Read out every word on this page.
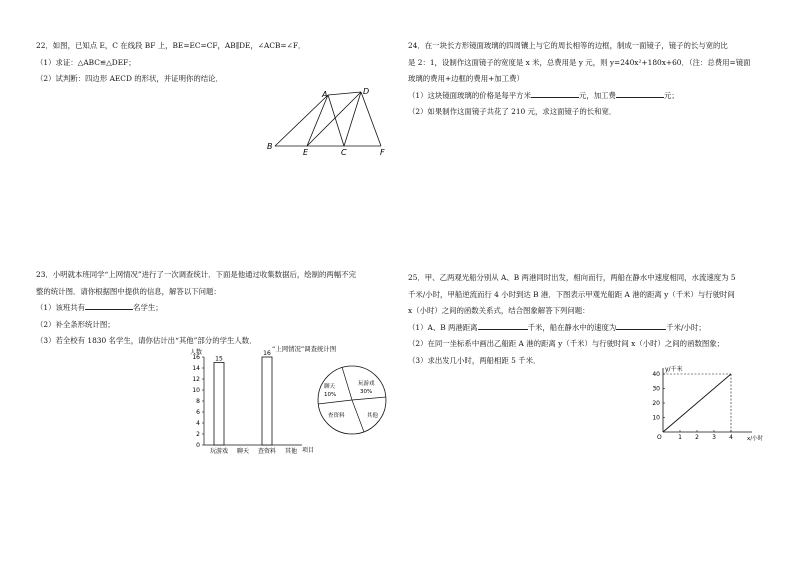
22．如图，已知点 E，C 在线段 BF 上，BE=EC=CF，AB∥DE，∠ACB=∠F．
（1）求证：△ABC≌△DEF；
（2）试判断：四边形 AECD 的形状，并证明你的结论．
A	D
B
E	C	F
23．小明就本班同学“上网情况”进行了一次调查统计．下面是他通过收集数据后，绘制的两幅不完
整的统计图．请你根据图中提供的信息，解答以下问题：
（1）该班共有	名学生；
（2）补全条形统计图；
（3）若全校有 1830 名学生，请你估计出“其他”部分的学生人数．
人数
0
2
4
6
8
10
12
14
16	15
16
玩游戏 聊天 查资料 其他 项目
“上网情况”调查统计图
聊天
10%
玩游戏
30%
查资料	其他
24．在一块长方形镜面玻璃的四周镶上与它的周长相等的边框，制成一面镜子，镜子的长与宽的比
是 2：1，设制作这面镜子的宽度是 x 米，总费用是 y 元，则 y=240x²+180x+60．（注：总费用=镜面
玻璃的费用+边框的费用+加工费）
（1）这块镜面玻璃的价格是每平方米	元，加工费	元；
（2）如果制作这面镜子共花了 210 元，求这面镜子的长和宽．
25．甲、乙两观光船分别从 A、B 两港同时出发，相向而行，两船在静水中速度相同，水流速度为 5
千米/小时，甲船逆流而行 4 小时到达 B 港．下图表示甲观光船距 A 港的距离 y（千米）与行驶时间
x（小时）之间的函数关系式，结合图象解答下列问题：
（1）A、B 两港距离	千米，船在静水中的速度为	千米/小时；
（2）在同一坐标系中画出乙船距 A 港的距离 y（千米）与行驶时间 x（小时）之间的函数图象；
（3）求出发几小时，两船相距 5 千米．
y/千米
1 2 3 4
10
20
30
40
O	x/小时
